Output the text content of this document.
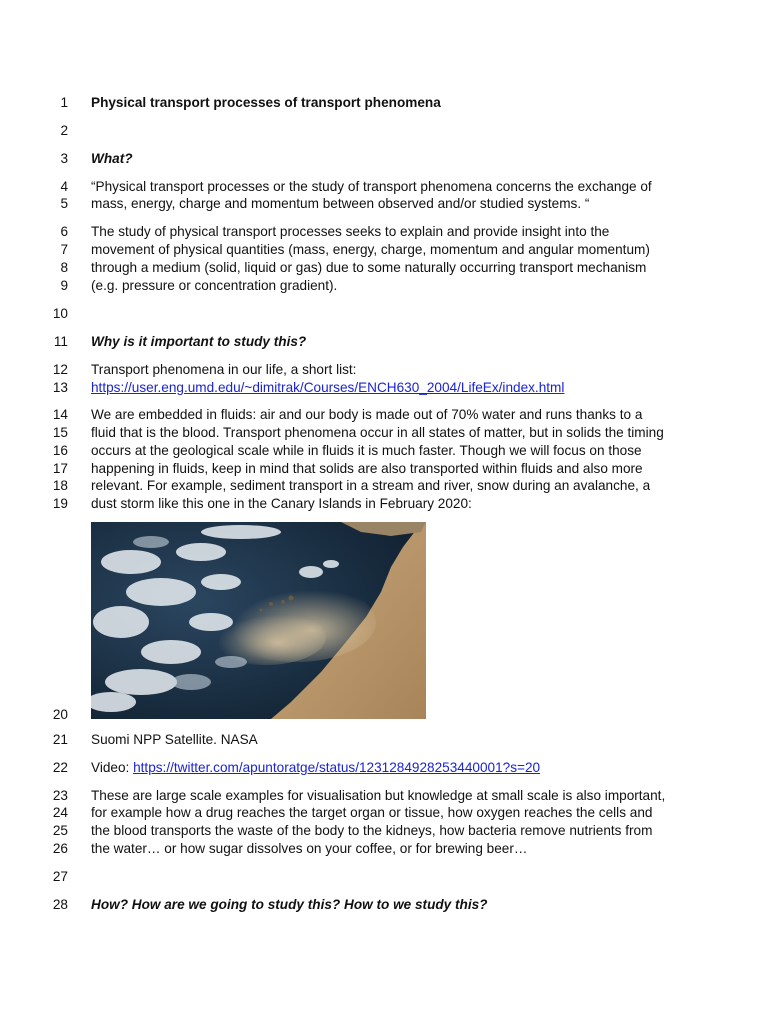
1
2
3
4
5
6
7
8
9
10
11
12
13
14
15
16
17
18
19
20
21
22
23
24
25
26
27
28
Physical transport processes of transport phenomena
What?
“Physical transport processes or the study of transport phenomena concerns the exchange of
mass, energy, charge and momentum between observed and/or studied systems. “
The study of physical transport processes seeks to explain and provide insight into the
movement of physical quantities (mass, energy, charge, momentum and angular momentum)
through a medium (solid, liquid or gas) due to some naturally occurring transport mechanism
(e.g. pressure or concentration gradient).
Why is it important to study this?
Transport phenomena in our life, a short list:
https://user.eng.umd.edu/~dimitrak/Courses/ENCH630_2004/LifeEx/index.html
We are embedded in fluids: air and our body is made out of 70% water and runs thanks to a
fluid that is the blood. Transport phenomena occur in all states of matter, but in solids the timing
occurs at the geological scale while in fluids it is much faster. Though we will focus on those
happening in fluids, keep in mind that solids are also transported within fluids and also more
relevant. For example, sediment transport in a stream and river, snow during an avalanche, a
dust storm like this one in the Canary Islands in February 2020:
Suomi NPP Satellite. NASA
Video: https://twitter.com/apuntoratge/status/1231284928253440001?s=20
These are large scale examples for visualisation but knowledge at small scale is also important,
for example how a drug reaches the target organ or tissue, how oxygen reaches the cells and
the blood transports the waste of the body to the kidneys, how bacteria remove nutrients from
the water… or how sugar dissolves on your coffee, or for brewing beer…
How? How are we going to study this? How to we study this?
